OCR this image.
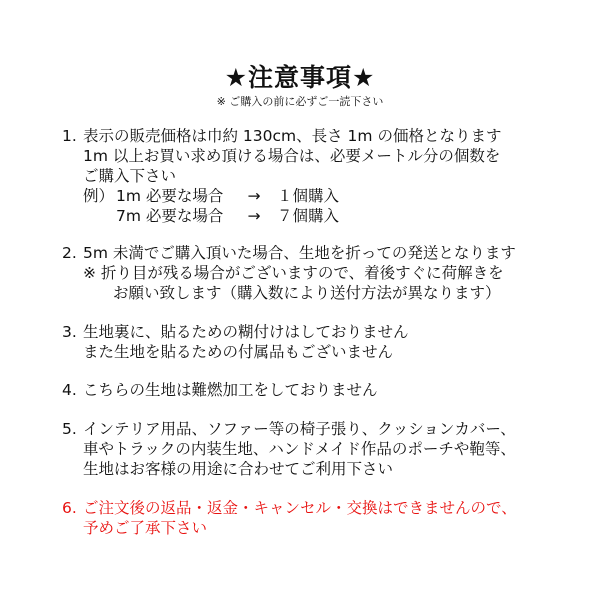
★注意事項★
※ ご購入の前に必ずご一読下さい
1. 表示の販売価格は巾約 130cm、長さ 1m の価格となります
1m 以上お買い求め頂ける場合は、必要メートル分の個数を
ご購入下さい
例） 1m 必要な場合 → １個購入
7m 必要な場合 → ７個購入
2. 5m 未満でご購入頂いた場合、生地を折っての発送となります
※ 折り目が残る場合がございますので、着後すぐに荷解きを
お願い致します（購入数により送付方法が異なります）
3. 生地裏に、貼るための糊付けはしておりません
また生地を貼るための付属品もございません
4. こちらの生地は難燃加工をしておりません
5. インテリア用品、ソファー等の椅子張り、クッションカバー、
車やトラックの内装生地、ハンドメイド作品のポーチや鞄等、
生地はお客様の用途に合わせてご利用下さい
6. ご注文後の返品・返金・キャンセル・交換はできませんので、
予めご了承下さい
